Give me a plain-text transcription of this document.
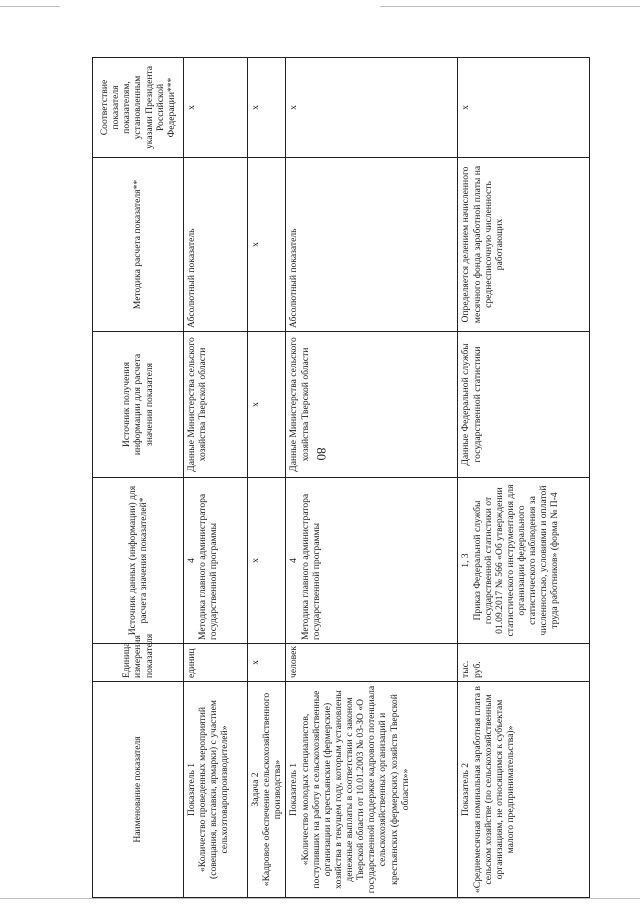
80
Наименование показателя	Единица измерения показателя	Источник данных (информации) для расчета значения показателей*	Источник получения информации для расчета значения показателя	Методика расчета показателя**	Соответствие показателя показателям, установленным указами Президента Российской Федерации***

Показатель 1 «Количество проведенных мероприятий (совещания, выставки, ярмарки) с участием сельхозтоваропроизводителей»	единиц	4 Методика главного администратора государственной программы	Данные Министерства сельского хозяйства Тверской области	Абсолютный показатель	х

Задача 2 «Кадровое обеспечение сельскохозяйственного производства»	х	х	х	х	х

Показатель 1 «Количество молодых специалистов, поступивших на работу в сельскохозяйственные организации и крестьянские (фермерские) хозяйства в текущем году, которым установлены денежные выплаты в соответствии с законом Тверской области от 10.01.2003 № 03-ЗО «О государственной поддержке кадрового потенциала сельскохозяйственных организаций и крестьянских (фермерских) хозяйств Тверской области»»	человек	4 Методика главного администратора государственной программы	Данные Министерства сельского хозяйства Тверской области	Абсолютный показатель	х

Показатель 2 «Среднемесячная номинальная заработная плата в сельском хозяйстве (по сельскохозяйственным организациям, не относящимся к субъектам малого предпринимательства)»	тыс. руб.	1, 3 Приказ Федеральной службы государственной статистики от 01.09.2017 № 566 «Об утверждении статистического инструментария для организации федерального статистического наблюдения за численностью, условиями и оплатой труда работников» (форма № П-4	Данные Федеральной службы государственной статистики	Определяется делением начисленного месячного фонда заработной платы на среднесписочную численность работающих	х
